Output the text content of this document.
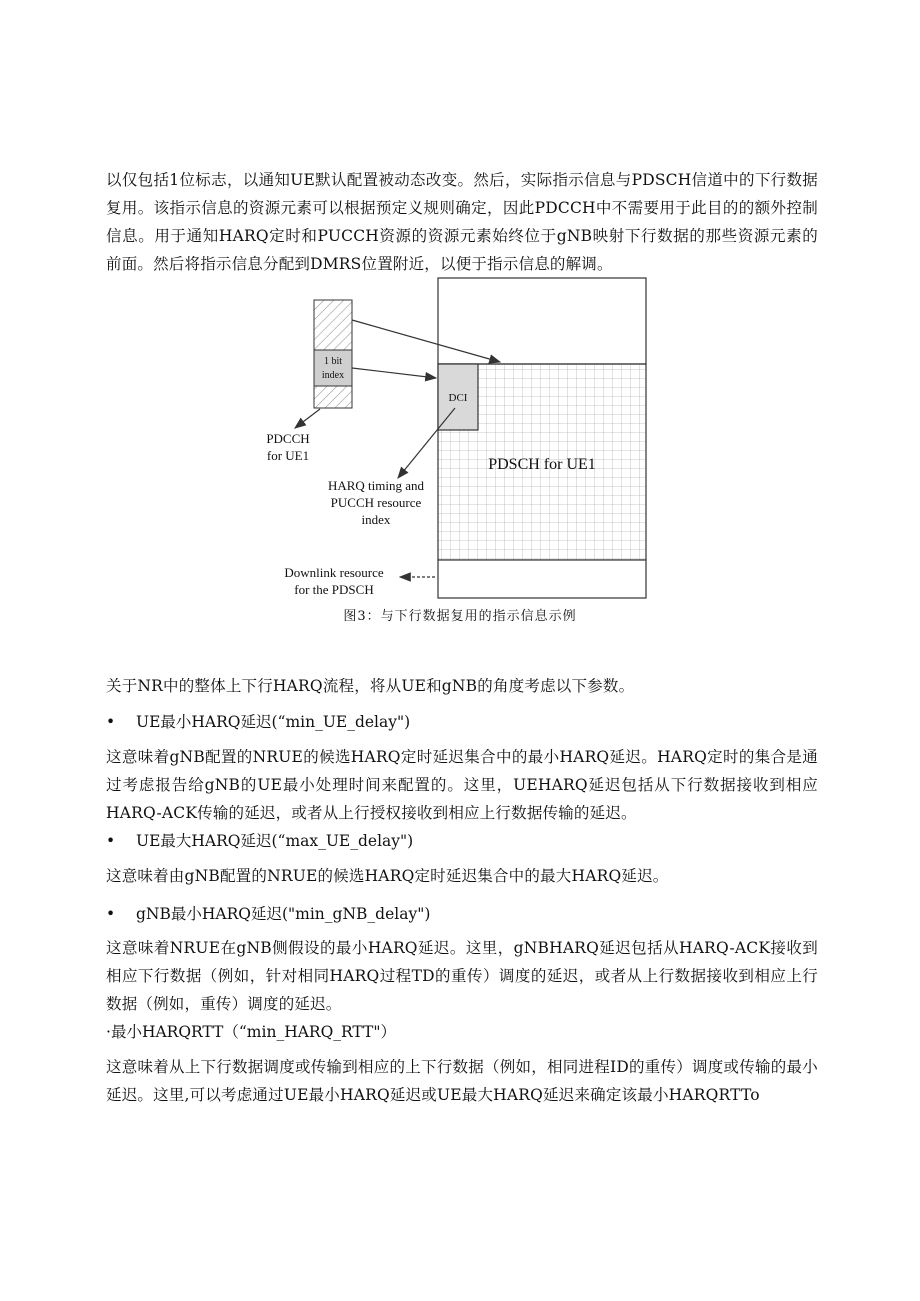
以仅包括1位标志，以通知UE默认配置被动态改变。然后，实际指示信息与PDSCH信道中的下行数据复用。该指示信息的资源元素可以根据预定义规则确定，因此PDCCH中不需要用于此目的的额外控制信息。用于通知HARQ定时和PUCCH资源的资源元素始终位于gNB映射下行数据的那些资源元素的前面。然后将指示信息分配到DMRS位置附近，以便于指示信息的解调。

DCI
PDSCH for UE1
1 bit
index
PDCCH
for UE1
HARQ timing and
PUCCH resource
index
Downlink resource
for the PDSCH
图3：与下行数据复用的指示信息示例

关于NR中的整体上下行HARQ流程，将从UE和gNB的角度考虑以下参数。

• UE最小HARQ延迟(“min_UE_delay")

这意味着gNB配置的NRUE的候选HARQ定时延迟集合中的最小HARQ延迟。HARQ定时的集合是通过考虑报告给gNB的UE最小处理时间来配置的。这里，UEHARQ延迟包括从下行数据接收到相应HARQ-ACK传输的延迟，或者从上行授权接收到相应上行数据传输的延迟。

• UE最大HARQ延迟(“max_UE_delay")

这意味着由gNB配置的NRUE的候选HARQ定时延迟集合中的最大HARQ延迟。

• gNB最小HARQ延迟("min_gNB_delay")

这意味着NRUE在gNB侧假设的最小HARQ延迟。这里，gNBHARQ延迟包括从HARQ-ACK接收到相应下行数据（例如，针对相同HARQ过程TD的重传）调度的延迟，或者从上行数据接收到相应上行数据（例如，重传）调度的延迟。

·最小HARQRTT（“min_HARQ_RTT"）

这意味着从上下行数据调度或传输到相应的上下行数据（例如，相同进程ID的重传）调度或传输的最小延迟。这里,可以考虑通过UE最小HARQ延迟或UE最大HARQ延迟来确定该最小HARQRTTo
